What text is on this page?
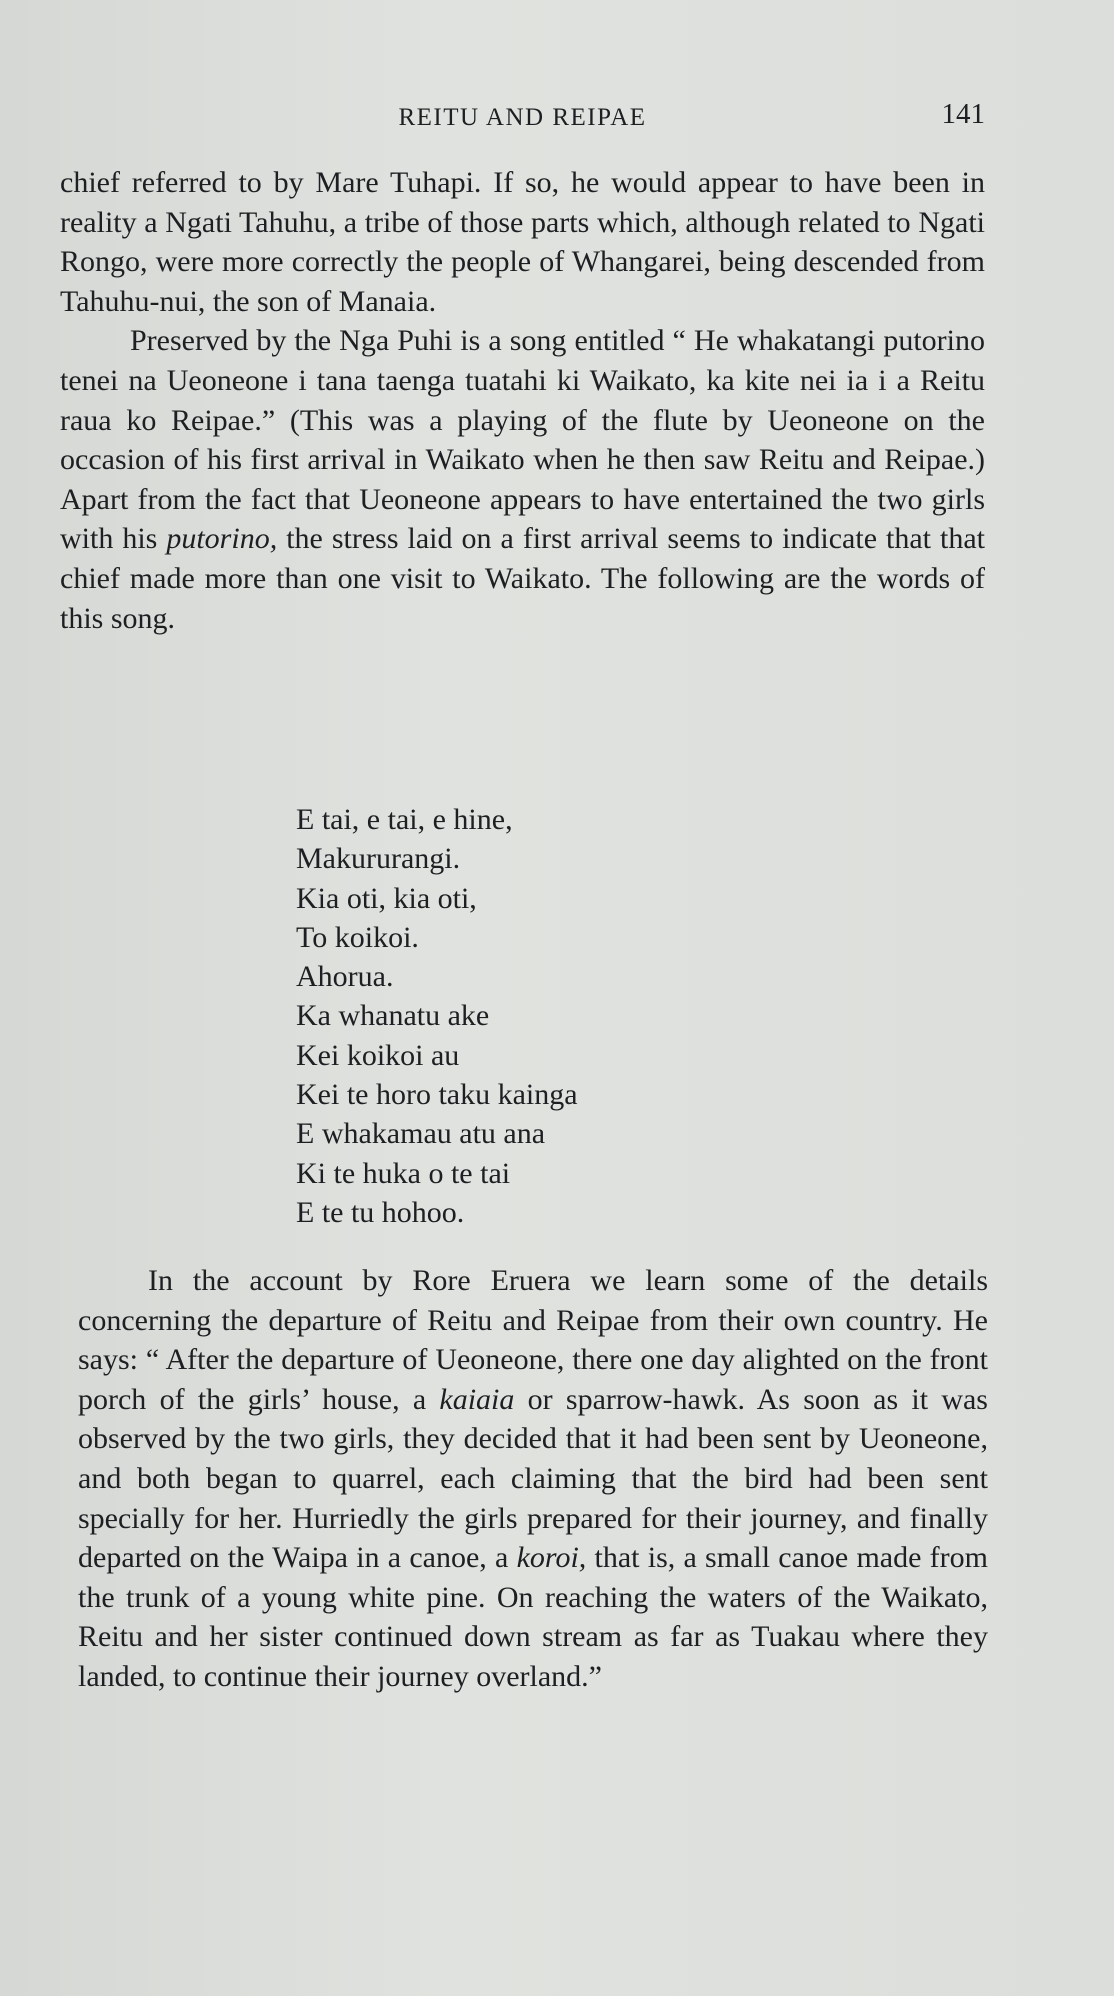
REITU AND REIPAE	141

chief referred to by Mare Tuhapi. If so, he would appear to have been in reality a Ngati Tahuhu, a tribe of those parts which, although related to Ngati Rongo, were more correctly the people of Whangarei, being descended from Tahuhu-nui, the son of Manaia.

Preserved by the Nga Puhi is a song entitled “ He whakatangi putorino tenei na Ueoneone i tana taenga tuatahi ki Waikato, ka kite nei ia i a Reitu raua ko Reipae.” (This was a playing of the flute by Ueoneone on the occasion of his first arrival in Waikato when he then saw Reitu and Reipae.) Apart from the fact that Ueoneone appears to have entertained the two girls with his putorino, the stress laid on a first arrival seems to indicate that that chief made more than one visit to Waikato. The following are the words of this song.

E tai, e tai, e hine,
Makururangi.
Kia oti, kia oti,
To koikoi.
Ahorua.
Ka whanatu ake
Kei koikoi au
Kei te horo taku kainga
E whakamau atu ana
Ki te huka o te tai
E te tu hohoo.

In the account by Rore Eruera we learn some of the details concerning the departure of Reitu and Reipae from their own country. He says: “ After the departure of Ueoneone, there one day alighted on the front porch of the girls’ house, a kaiaia or sparrow-hawk. As soon as it was observed by the two girls, they decided that it had been sent by Ueoneone, and both began to quarrel, each claiming that the bird had been sent specially for her. Hurriedly the girls prepared for their journey, and finally departed on the Waipa in a canoe, a koroi, that is, a small canoe made from the trunk of a young white pine. On reaching the waters of the Waikato, Reitu and her sister continued down stream as far as Tuakau where they landed, to continue their journey overland.”
